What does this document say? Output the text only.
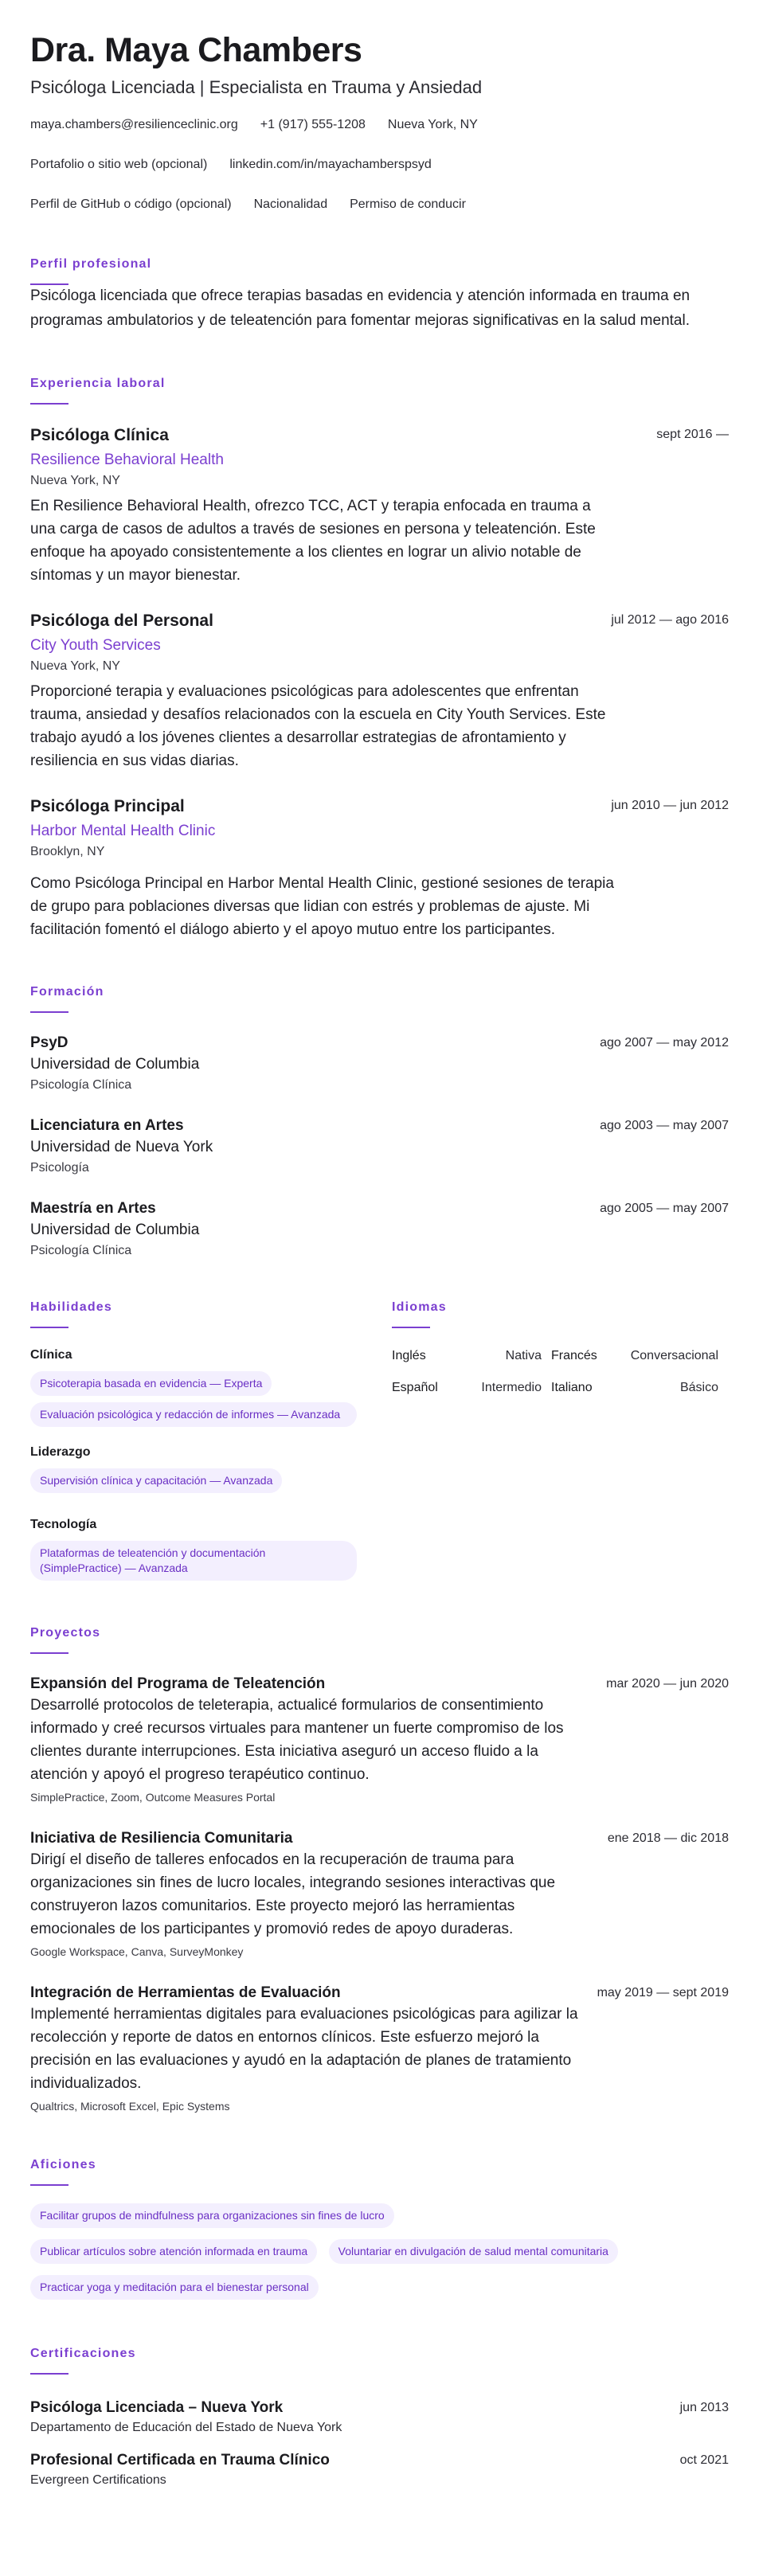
Dra. Maya Chambers
Psicóloga Licenciada | Especialista en Trauma y Ansiedad
maya.chambers@resilienceclinic.org +1 (917) 555-1208 Nueva York, NY
Portafolio o sitio web (opcional) linkedin.com/in/mayachamberspsyd
Perfil de GitHub o código (opcional) Nacionalidad Permiso de conducir
Perfil profesional

Psicóloga licenciada que ofrece terapias basadas en evidencia y atención informada en trauma en programas ambulatorios y de teleatención para fomentar mejoras significativas en la salud mental.

Experiencia laboral
Psicóloga Clínica	sept 2016 —
Resilience Behavioral Health
Nueva York, NY

En Resilience Behavioral Health, ofrezco TCC, ACT y terapia enfocada en trauma a una carga de casos de adultos a través de sesiones en persona y teleatención. Este enfoque ha apoyado consistentemente a los clientes en lograr un alivio notable de síntomas y un mayor bienestar.

Psicóloga del Personal	jul 2012 — ago 2016
City Youth Services
Nueva York, NY

Proporcioné terapia y evaluaciones psicológicas para adolescentes que enfrentan trauma, ansiedad y desafíos relacionados con la escuela en City Youth Services. Este trabajo ayudó a los jóvenes clientes a desarrollar estrategias de afrontamiento y resiliencia en sus vidas diarias.

Psicóloga Principal	jun 2010 — jun 2012
Harbor Mental Health Clinic
Brooklyn, NY

Como Psicóloga Principal en Harbor Mental Health Clinic, gestioné sesiones de terapia de grupo para poblaciones diversas que lidian con estrés y problemas de ajuste. Mi facilitación fomentó el diálogo abierto y el apoyo mutuo entre los participantes.

Formación
PsyD	ago 2007 — may 2012
Universidad de Columbia
Psicología Clínica
Licenciatura en Artes	ago 2003 — may 2007
Universidad de Nueva York
Psicología
Maestría en Artes	ago 2005 — may 2007
Universidad de Columbia
Psicología Clínica
Habilidades
Clínica
Psicoterapia basada en evidencia — Experta
Evaluación psicológica y redacción de informes — Avanzada
Liderazgo
Supervisión clínica y capacitación — Avanzada
Tecnología
Plataformas de teleatención y documentación (SimplePractice) — Avanzada
Idiomas
Inglés	Nativa Francés	Conversacional
Español	Intermedio Italiano	Básico
Proyectos
Expansión del Programa de Teleatención	mar 2020 — jun 2020

Desarrollé protocolos de teleterapia, actualicé formularios de consentimiento informado y creé recursos virtuales para mantener un fuerte compromiso de los clientes durante interrupciones. Esta iniciativa aseguró un acceso fluido a la atención y apoyó el progreso terapéutico continuo.

SimplePractice, Zoom, Outcome Measures Portal
Iniciativa de Resiliencia Comunitaria	ene 2018 — dic 2018

Dirigí el diseño de talleres enfocados en la recuperación de trauma para organizaciones sin fines de lucro locales, integrando sesiones interactivas que construyeron lazos comunitarios. Este proyecto mejoró las herramientas emocionales de los participantes y promovió redes de apoyo duraderas.

Google Workspace, Canva, SurveyMonkey
Integración de Herramientas de Evaluación	may 2019 — sept 2019

Implementé herramientas digitales para evaluaciones psicológicas para agilizar la recolección y reporte de datos en entornos clínicos. Este esfuerzo mejoró la precisión en las evaluaciones y ayudó en la adaptación de planes de tratamiento individualizados.

Qualtrics, Microsoft Excel, Epic Systems
Aficiones
Facilitar grupos de mindfulness para organizaciones sin fines de lucro
Publicar artículos sobre atención informada en trauma	Voluntariar en divulgación de salud mental comunitaria
Practicar yoga y meditación para el bienestar personal
Certificaciones
Psicóloga Licenciada – Nueva York	jun 2013
Departamento de Educación del Estado de Nueva York
Profesional Certificada en Trauma Clínico	oct 2021
Evergreen Certifications
